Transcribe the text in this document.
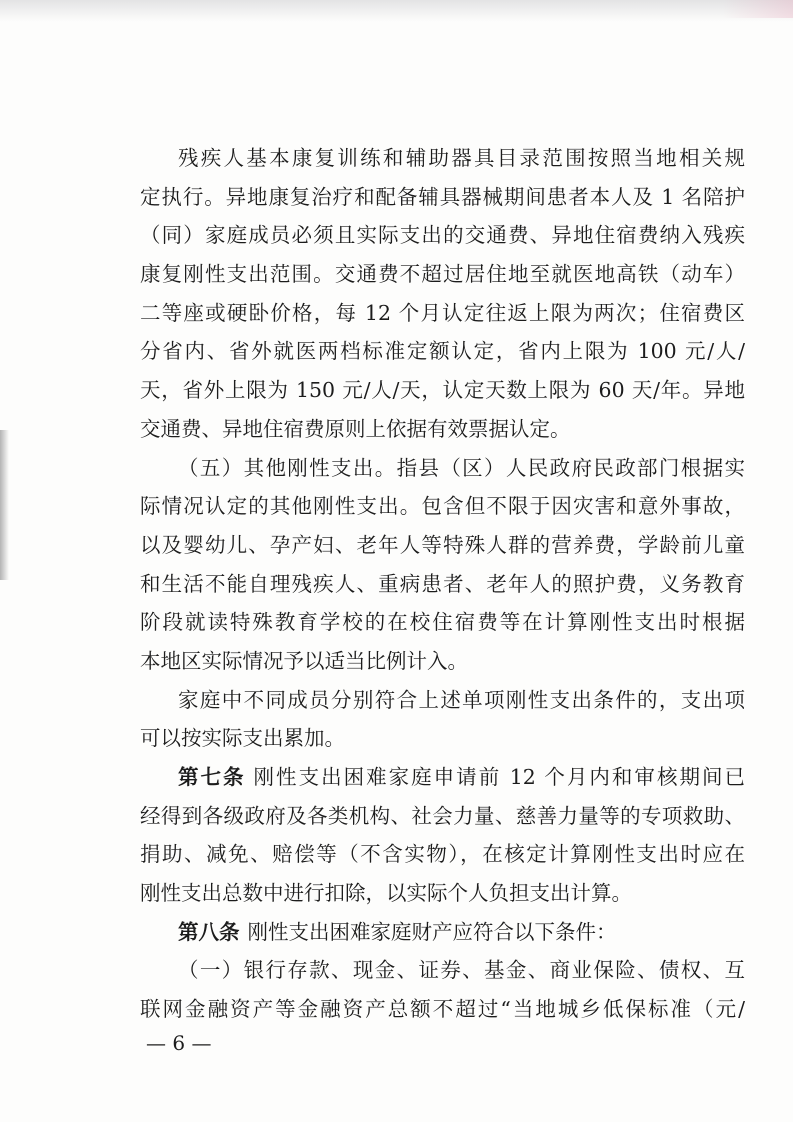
残疾人基本康复训练和辅助器具目录范围按照当地相关规
定执行。异地康复治疗和配备辅具器械期间患者本人及 1 名陪护
（同）家庭成员必须且实际支出的交通费、异地住宿费纳入残疾
康复刚性支出范围。交通费不超过居住地至就医地高铁（动车）
二等座或硬卧价格，每 12 个月认定往返上限为两次；住宿费区
分省内、省外就医两档标准定额认定，省内上限为 100 元/人/
天，省外上限为 150 元/人/天，认定天数上限为 60 天/年。异地
交通费、异地住宿费原则上依据有效票据认定。
（五）其他刚性支出。指县（区）人民政府民政部门根据实
际情况认定的其他刚性支出。包含但不限于因灾害和意外事故，
以及婴幼儿、孕产妇、老年人等特殊人群的营养费，学龄前儿童
和生活不能自理残疾人、重病患者、老年人的照护费，义务教育
阶段就读特殊教育学校的在校住宿费等在计算刚性支出时根据
本地区实际情况予以适当比例计入。
家庭中不同成员分别符合上述单项刚性支出条件的，支出项
可以按实际支出累加。
第七条 刚性支出困难家庭申请前 12 个月内和审核期间已
经得到各级政府及各类机构、社会力量、慈善力量等的专项救助、
捐助、减免、赔偿等（不含实物），在核定计算刚性支出时应在
刚性支出总数中进行扣除，以实际个人负担支出计算。
第八条 刚性支出困难家庭财产应符合以下条件：
（一）银行存款、现金、证券、基金、商业保险、债权、互
联网金融资产等金融资产总额不超过“当地城乡低保标准（元/
— 6 —
